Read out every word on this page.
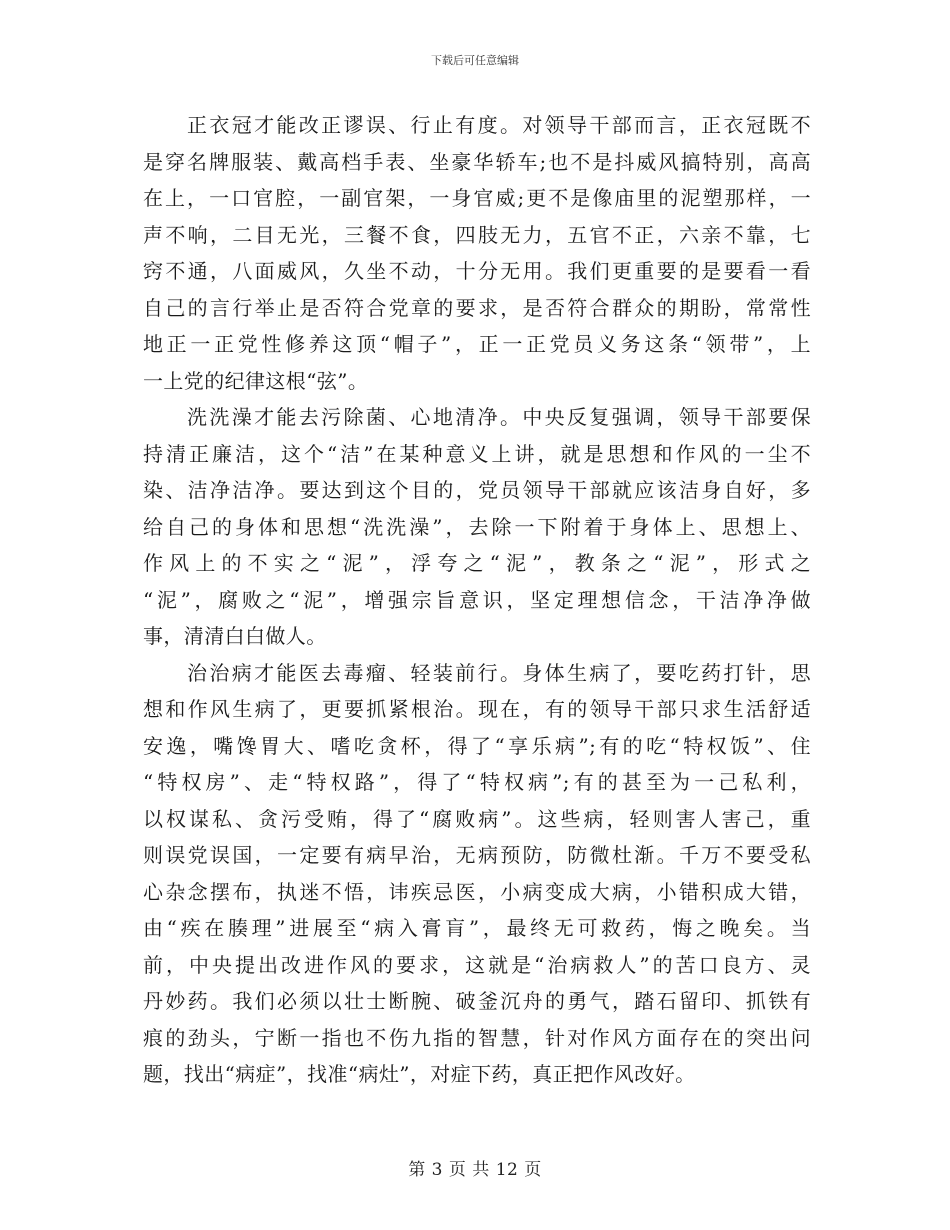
下载后可任意编辑
正衣冠才能改正谬误、行止有度。对领导干部而言，正衣冠既不
是穿名牌服装、戴高档手表、坐豪华轿车;也不是抖威风搞特别，高高
在上，一口官腔，一副官架，一身官威;更不是像庙里的泥塑那样，一
声不响，二目无光，三餐不食，四肢无力，五官不正，六亲不靠，七
窍不通，八面威风，久坐不动，十分无用。我们更重要的是要看一看
自己的言行举止是否符合党章的要求，是否符合群众的期盼，常常性
地正一正党性修养这顶“帽子”，正一正党员义务这条“领带”，上
一上党的纪律这根“弦”。
洗洗澡才能去污除菌、心地清净。中央反复强调，领导干部要保
持清正廉洁，这个“洁”在某种意义上讲，就是思想和作风的一尘不
染、洁净洁净。要达到这个目的，党员领导干部就应该洁身自好，多
给自己的身体和思想“洗洗澡”，去除一下附着于身体上、思想上、
作风上的不实之“泥”，浮夸之“泥”，教条之“泥”，形式之
“泥”，腐败之“泥”，增强宗旨意识，坚定理想信念，干洁净净做
事，清清白白做人。
治治病才能医去毒瘤、轻装前行。身体生病了，要吃药打针，思
想和作风生病了，更要抓紧根治。现在，有的领导干部只求生活舒适
安逸，嘴馋胃大、嗜吃贪杯，得了“享乐病”;有的吃“特权饭”、住
“特权房”、走“特权路”，得了“特权病”;有的甚至为一己私利，
以权谋私、贪污受贿，得了“腐败病”。这些病，轻则害人害己，重
则误党误国，一定要有病早治，无病预防，防微杜渐。千万不要受私
心杂念摆布，执迷不悟，讳疾忌医，小病变成大病，小错积成大错，
由“疾在腠理”进展至“病入膏肓”，最终无可救药，悔之晚矣。当
前，中央提出改进作风的要求，这就是“治病救人”的苦口良方、灵
丹妙药。我们必须以壮士断腕、破釜沉舟的勇气，踏石留印、抓铁有
痕的劲头，宁断一指也不伤九指的智慧，针对作风方面存在的突出问
题，找出“病症”，找准“病灶”，对症下药，真正把作风改好。
第 3 页 共 12 页
